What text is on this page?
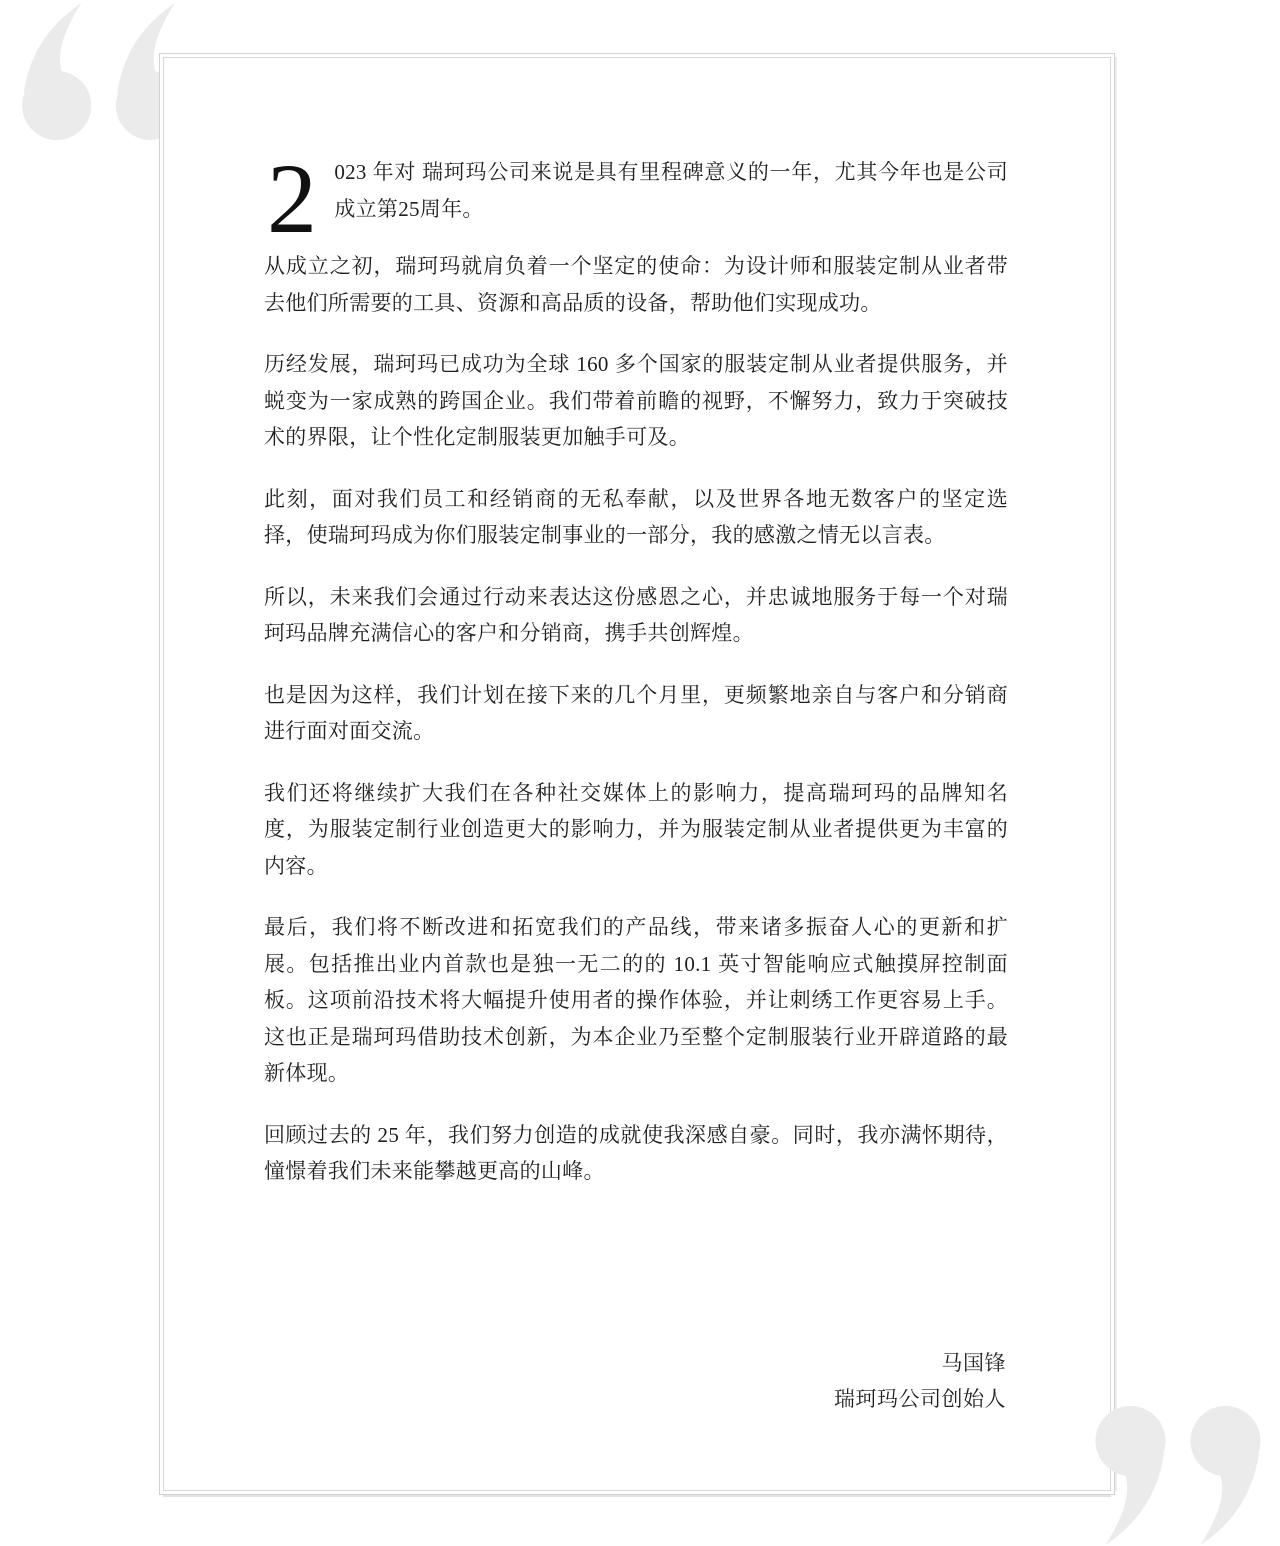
2 023 年对 瑞珂玛公司来说是具有里程碑意义的一年，尤其今年也是公司成立第25周年。

从成立之初，瑞珂玛就肩负着一个坚定的使命：为设计师和服装定制从业者带去他们所需要的工具、资源和高品质的设备，帮助他们实现成功。

历经发展，瑞珂玛已成功为全球 160 多个国家的服装定制从业者提供服务，并蜕变为一家成熟的跨国企业。我们带着前瞻的视野，不懈努力，致力于突破技术的界限，让个性化定制服装更加触手可及。

此刻，面对我们员工和经销商的无私奉献，以及世界各地无数客户的坚定选择，使瑞珂玛成为你们服装定制事业的一部分，我的感激之情无以言表。

所以，未来我们会通过行动来表达这份感恩之心，并忠诚地服务于每一个对瑞珂玛品牌充满信心的客户和分销商，携手共创辉煌。

也是因为这样，我们计划在接下来的几个月里，更频繁地亲自与客户和分销商进行面对面交流。

我们还将继续扩大我们在各种社交媒体上的影响力，提高瑞珂玛的品牌知名度，为服装定制行业创造更大的影响力，并为服装定制从业者提供更为丰富的内容。

最后，我们将不断改进和拓宽我们的产品线，带来诸多振奋人心的更新和扩展。包括推出业内首款也是独一无二的的 10.1 英寸智能响应式触摸屏控制面板。这项前沿技术将大幅提升使用者的操作体验，并让刺绣工作更容易上手。这也正是瑞珂玛借助技术创新，为本企业乃至整个定制服装行业开辟道路的最新体现。

回顾过去的 25 年，我们努力创造的成就使我深感自豪。同时，我亦满怀期待，憧憬着我们未来能攀越更高的山峰。

马国锋
瑞珂玛公司创始人
